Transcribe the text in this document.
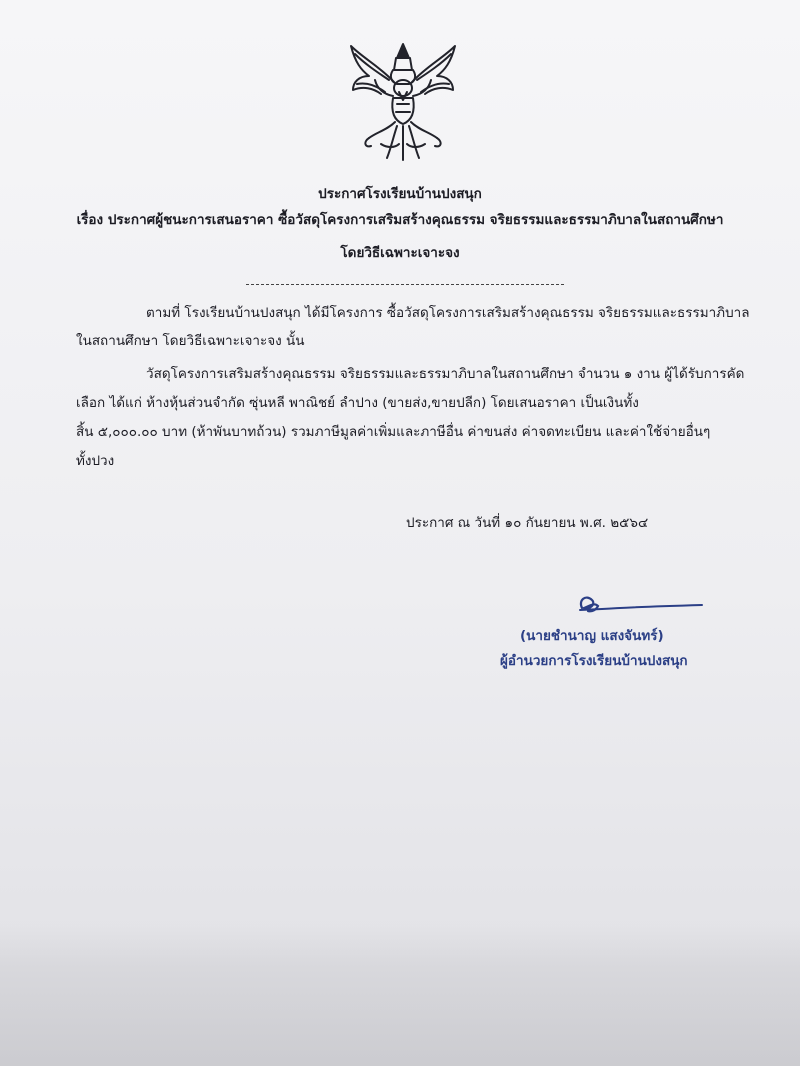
ประกาศโรงเรียนบ้านปงสนุก
เรื่อง ประกาศผู้ชนะการเสนอราคา ซื้อวัสดุโครงการเสริมสร้างคุณธรรม จริยธรรมและธรรมาภิบาลในสถานศึกษา
โดยวิธีเฉพาะเจาะจง
ตามที่ โรงเรียนบ้านปงสนุก ได้มีโครงการ ซื้อวัสดุโครงการเสริมสร้างคุณธรรม จริยธรรมและธรรมาภิบาล
ในสถานศึกษา โดยวิธีเฉพาะเจาะจง นั้น
วัสดุโครงการเสริมสร้างคุณธรรม จริยธรรมและธรรมาภิบาลในสถานศึกษา จำนวน ๑ งาน ผู้ได้รับการคัด
เลือก ได้แก่ ห้างหุ้นส่วนจำกัด ซุ่นหลี พาณิชย์ ลำปาง (ขายส่ง,ขายปลีก) โดยเสนอราคา เป็นเงินทั้ง
สิ้น ๕,๐๐๐.๐๐ บาท (ห้าพันบาทถ้วน) รวมภาษีมูลค่าเพิ่มและภาษีอื่น ค่าขนส่ง ค่าจดทะเบียน และค่าใช้จ่ายอื่นๆ
ทั้งปวง
ประกาศ ณ วันที่ ๑๐ กันยายน พ.ศ. ๒๕๖๔
(นายชำนาญ แสงจันทร์)
ผู้อำนวยการโรงเรียนบ้านปงสนุก
